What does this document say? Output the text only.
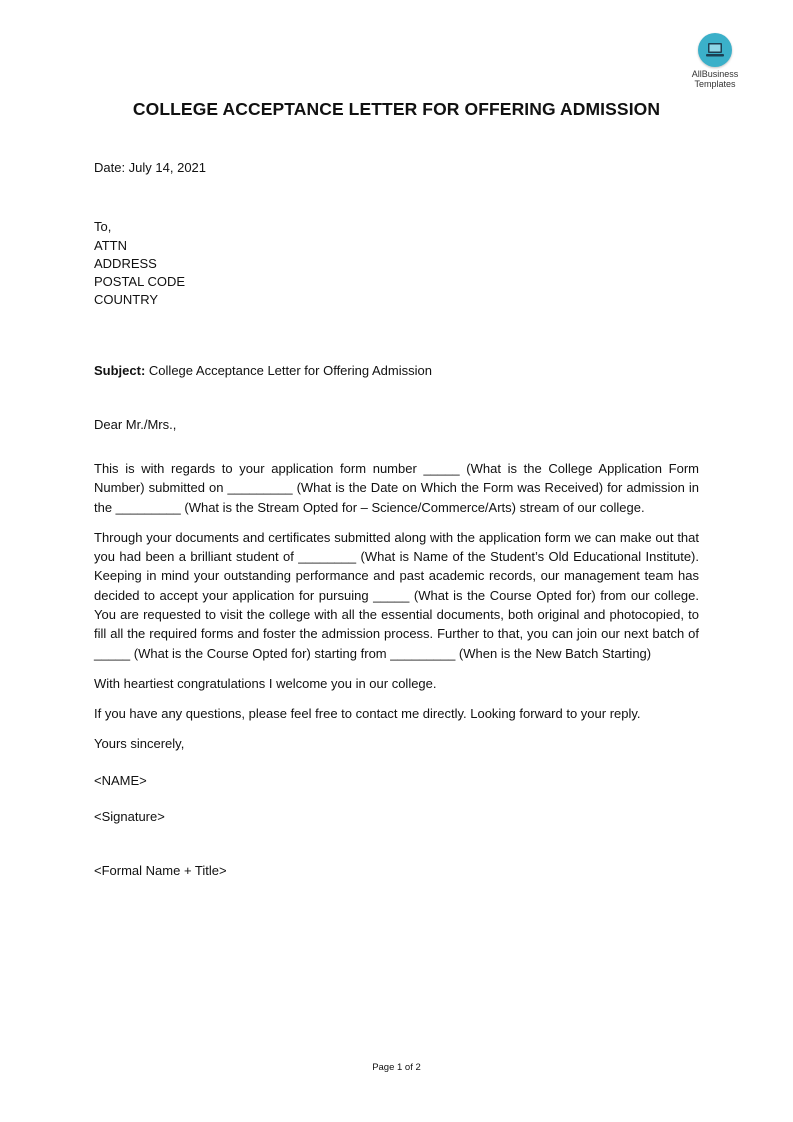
AllBusiness
Templates
COLLEGE ACCEPTANCE LETTER FOR OFFERING ADMISSION
Date: July 14, 2021
To,
ATTN
ADDRESS
POSTAL CODE
COUNTRY
Subject: College Acceptance Letter for Offering Admission
Dear Mr./Mrs.,

This is with regards to your application form number _____ (What is the College Application Form Number) submitted on _________ (What is the Date on Which the Form was Received) for admission in the _________ (What is the Stream Opted for – Science/Commerce/Arts) stream of our college.

Through your documents and certificates submitted along with the application form we can make out that you had been a brilliant student of ________ (What is Name of the Student’s Old Educational Institute). Keeping in mind your outstanding performance and past academic records, our management team has decided to accept your application for pursuing _____ (What is the Course Opted for) from our college. You are requested to visit the college with all the essential documents, both original and photocopied, to fill all the required forms and foster the admission process. Further to that, you can join our next batch of _____ (What is the Course Opted for) starting from _________ (When is the New Batch Starting)

With heartiest congratulations I welcome you in our college.

If you have any questions, please feel free to contact me directly. Looking forward to your reply.

Yours sincerely,
<NAME>
<Signature>
<Formal Name + Title>
Page 1 of 2
